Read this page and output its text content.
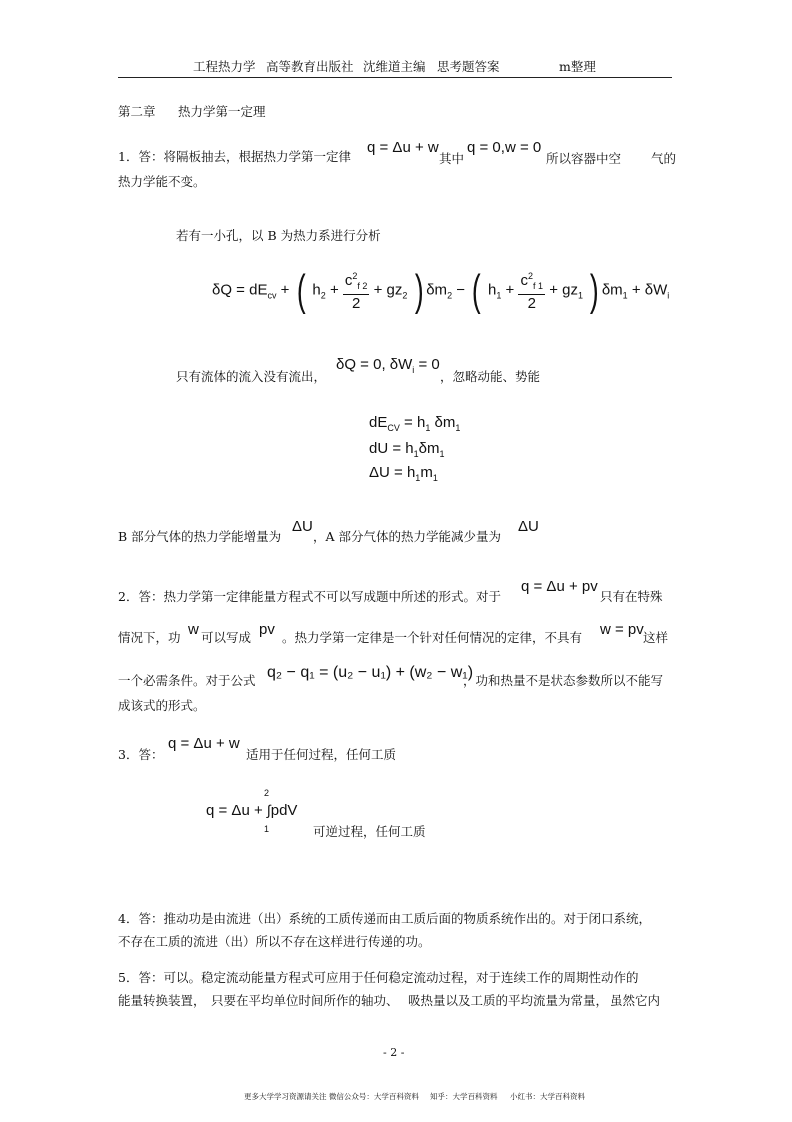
工程热力学 高等教育出版社 沈维道主编 思考题答案	m整理
第二章 热力学第一定理
1．答：将隔板抽去，根据热力学第一定律
q = Δu + w
其中
q = 0,w = 0
所以容器中空 气的
热力学能不变。
若有一小孔，以 B 为热力系进行分析
$\delta Q = dE_{cv}$ + ( $h_2 + \frac{c^2_{f 2}}{2} + gz_2$ ) $\delta m_2$ − ( $h_1 + \frac{c^2_{f 1}}{2} + gz_1$ ) $\delta m_1 + \delta W_i$
只有流体的流入没有流出，
δQ = 0, $\delta W_i = 0$
，忽略动能、势能
$dE_{CV} = h_1$ $\delta m_1$
dU = $h_1\delta m_1$
$\Delta U = h_1m_1$
B 部分气体的热力学能增量为
ΔU
，A 部分气体的热力学能减少量为
ΔU
2．答：热力学第一定律能量方程式不可以写成题中所述的形式。对于
q = Δu + pv
只有在特殊
情况下，功 w 可以写成 pv 。热力学第一定律是一个针对任何情况的定律，不具有 w = pv 这样
一个必需条件。对于公式 q₂ − q₁ = (u₂ − u₁) + (w₂ − w₁)
，功和热量不是状态参数所以不能写
成该式的形式。
3．答：
q = Δu + w
适用于任何过程，任何工质
q = Δu + ∫pdV
2
1	可逆过程，任何工质
4．答：推动功是由流进（出）系统的工质传递而由工质后面的物质系统作出的。对于闭口系统，
不存在工质的流进（出）所以不存在这样进行传递的功。
5．答：可以。稳定流动能量方程式可应用于任何稳定流动过程，对于连续工作的周期性动作的
能量转换装置， 只要在平均单位时间所作的轴功、 吸热量以及工质的平均流量为常量， 虽然它内
- 2 -
更多大学学习资源请关注 微信公众号：大学百科资料 知乎：大学百科资料 小红书：大学百科资料
